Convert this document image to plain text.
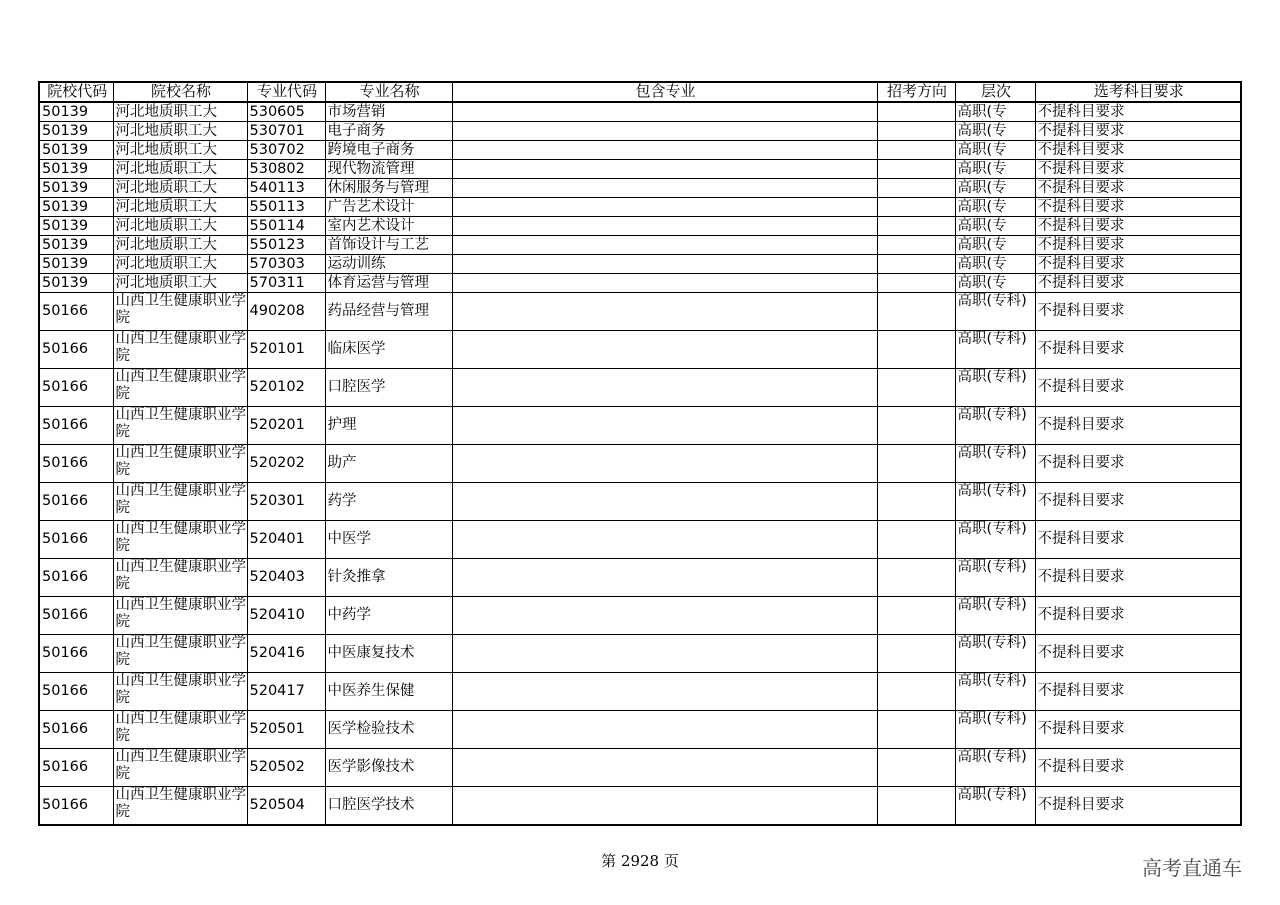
院校代码	院校名称	专业代码	专业名称	包含专业	招考方向	层次	选考科目要求
50139	河北地质职工大	530605	市场营销			高职(专	不提科目要求
50139	河北地质职工大	530701	电子商务			高职(专	不提科目要求
50139	河北地质职工大	530702	跨境电子商务			高职(专	不提科目要求
50139	河北地质职工大	530802	现代物流管理			高职(专	不提科目要求
50139	河北地质职工大	540113	休闲服务与管理			高职(专	不提科目要求
50139	河北地质职工大	550113	广告艺术设计			高职(专	不提科目要求
50139	河北地质职工大	550114	室内艺术设计			高职(专	不提科目要求
50139	河北地质职工大	550123	首饰设计与工艺			高职(专	不提科目要求
50139	河北地质职工大	570303	运动训练			高职(专	不提科目要求
50139	河北地质职工大	570311	体育运营与管理			高职(专	不提科目要求
50166	山西卫生健康职业学院	490208	药品经营与管理			高职(专科)	不提科目要求
50166	山西卫生健康职业学院	520101	临床医学			高职(专科)	不提科目要求
50166	山西卫生健康职业学院	520102	口腔医学			高职(专科)	不提科目要求
50166	山西卫生健康职业学院	520201	护理			高职(专科)	不提科目要求
50166	山西卫生健康职业学院	520202	助产			高职(专科)	不提科目要求
50166	山西卫生健康职业学院	520301	药学			高职(专科)	不提科目要求
50166	山西卫生健康职业学院	520401	中医学			高职(专科)	不提科目要求
50166	山西卫生健康职业学院	520403	针灸推拿			高职(专科)	不提科目要求
50166	山西卫生健康职业学院	520410	中药学			高职(专科)	不提科目要求
50166	山西卫生健康职业学院	520416	中医康复技术			高职(专科)	不提科目要求
50166	山西卫生健康职业学院	520417	中医养生保健			高职(专科)	不提科目要求
50166	山西卫生健康职业学院	520501	医学检验技术			高职(专科)	不提科目要求
50166	山西卫生健康职业学院	520502	医学影像技术			高职(专科)	不提科目要求
50166	山西卫生健康职业学院	520504	口腔医学技术			高职(专科)	不提科目要求
第 2928 页	高考直通车
